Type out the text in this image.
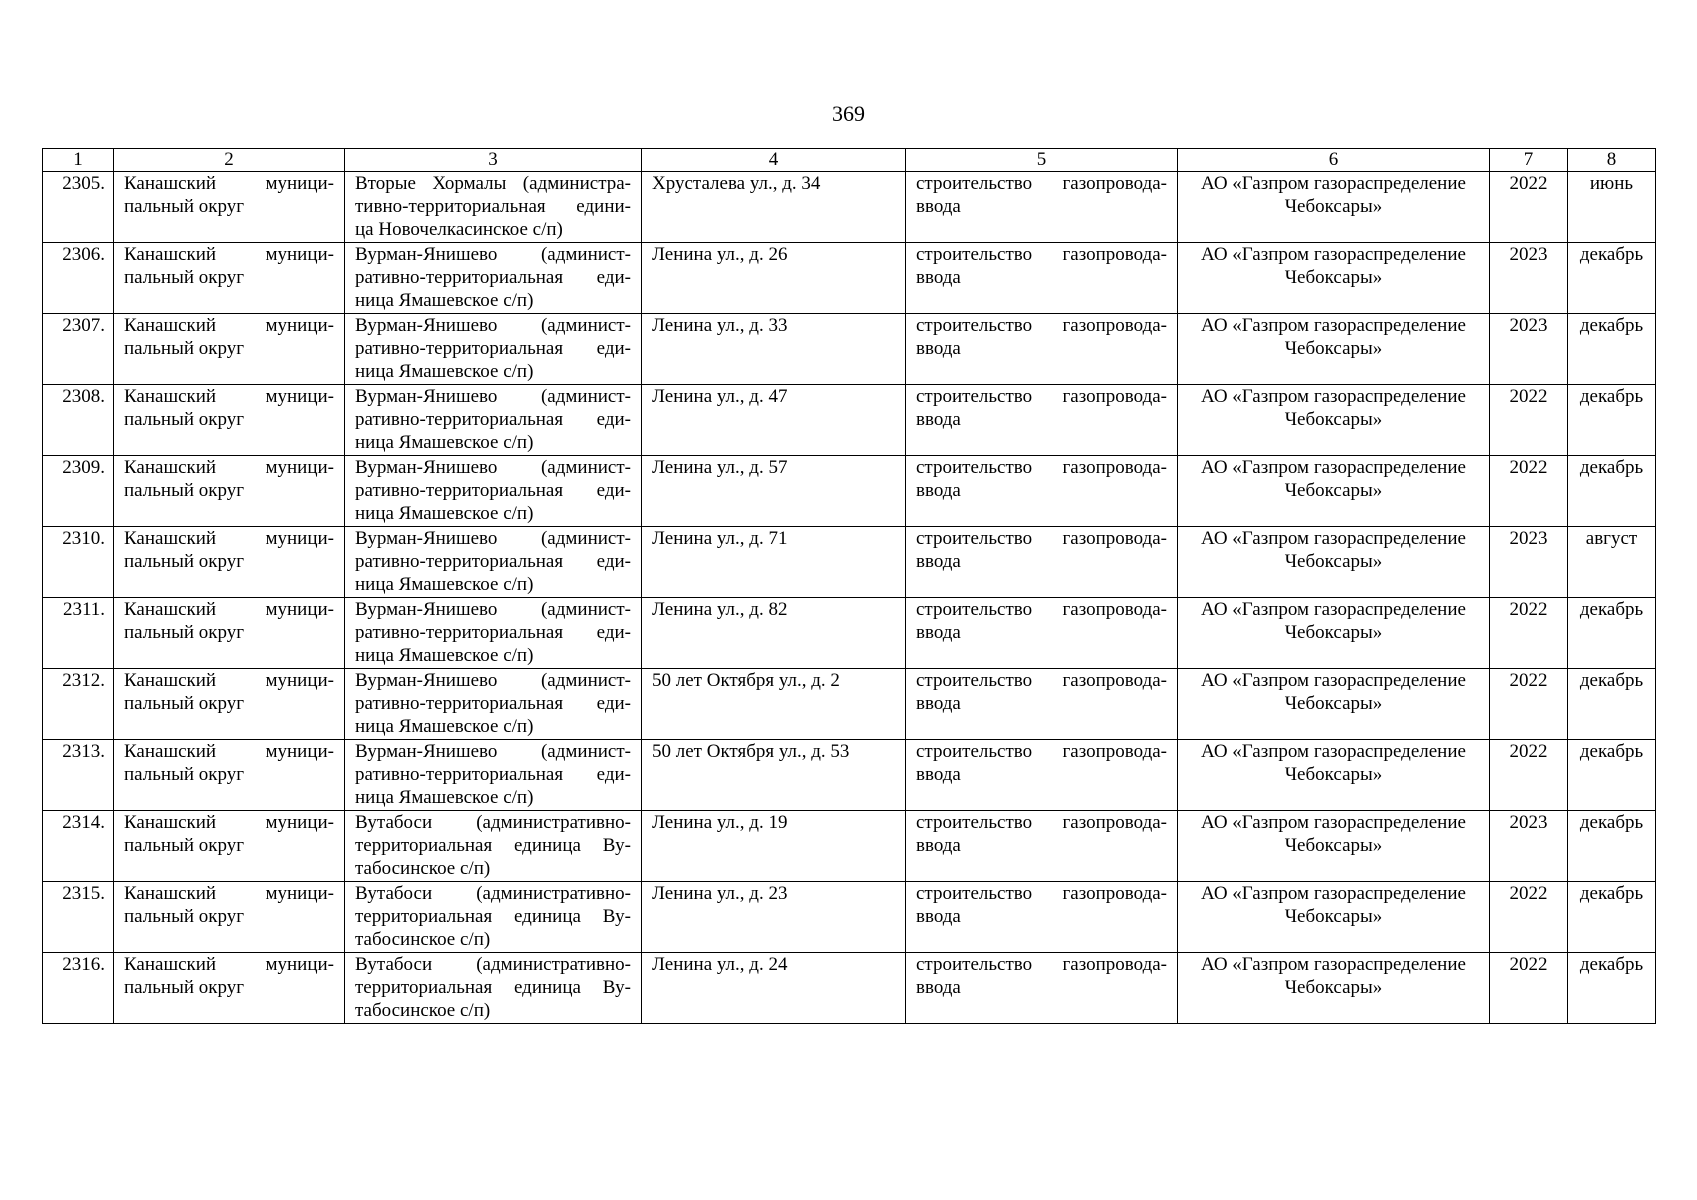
369
1	2	3	4	5	6	7	8
2305.	Канашский муници-
пальный округ	Вторые Хормалы (администра-
тивно-территориальная едини-
ца Новочелкасинское с/п)	Хрусталева ул., д. 34	строительство газопровода-
ввода	АО «Газпром газораспределение
Чебоксары»	2022	июнь
2306.	Канашский муници-
пальный округ	Вурман-Янишево (админист-
ративно-территориальная еди-
ница Ямашевское с/п)	Ленина ул., д. 26	строительство газопровода-
ввода	АО «Газпром газораспределение
Чебоксары»	2023	декабрь
2307.	Канашский муници-
пальный округ	Вурман-Янишево (админист-
ративно-территориальная еди-
ница Ямашевское с/п)	Ленина ул., д. 33	строительство газопровода-
ввода	АО «Газпром газораспределение
Чебоксары»	2023	декабрь
2308.	Канашский муници-
пальный округ	Вурман-Янишево (админист-
ративно-территориальная еди-
ница Ямашевское с/п)	Ленина ул., д. 47	строительство газопровода-
ввода	АО «Газпром газораспределение
Чебоксары»	2022	декабрь
2309.	Канашский муници-
пальный округ	Вурман-Янишево (админист-
ративно-территориальная еди-
ница Ямашевское с/п)	Ленина ул., д. 57	строительство газопровода-
ввода	АО «Газпром газораспределение
Чебоксары»	2022	декабрь
2310.	Канашский муници-
пальный округ	Вурман-Янишево (админист-
ративно-территориальная еди-
ница Ямашевское с/п)	Ленина ул., д. 71	строительство газопровода-
ввода	АО «Газпром газораспределение
Чебоксары»	2023	август
2311.	Канашский муници-
пальный округ	Вурман-Янишево (админист-
ративно-территориальная еди-
ница Ямашевское с/п)	Ленина ул., д. 82	строительство газопровода-
ввода	АО «Газпром газораспределение
Чебоксары»	2022	декабрь
2312.	Канашский муници-
пальный округ	Вурман-Янишево (админист-
ративно-территориальная еди-
ница Ямашевское с/п)	50 лет Октября ул., д. 2	строительство газопровода-
ввода	АО «Газпром газораспределение
Чебоксары»	2022	декабрь
2313.	Канашский муници-
пальный округ	Вурман-Янишево (админист-
ративно-территориальная еди-
ница Ямашевское с/п)	50 лет Октября ул., д. 53	строительство газопровода-
ввода	АО «Газпром газораспределение
Чебоксары»	2022	декабрь
2314.	Канашский муници-
пальный округ	Вутабоси (административно-
территориальная единица Ву-
табосинское с/п)	Ленина ул., д. 19	строительство газопровода-
ввода	АО «Газпром газораспределение
Чебоксары»	2023	декабрь
2315.	Канашский муници-
пальный округ	Вутабоси (административно-
территориальная единица Ву-
табосинское с/п)	Ленина ул., д. 23	строительство газопровода-
ввода	АО «Газпром газораспределение
Чебоксары»	2022	декабрь
2316.	Канашский муници-
пальный округ	Вутабоси (административно-
территориальная единица Ву-
табосинское с/п)	Ленина ул., д. 24	строительство газопровода-
ввода	АО «Газпром газораспределение
Чебоксары»	2022	декабрь
